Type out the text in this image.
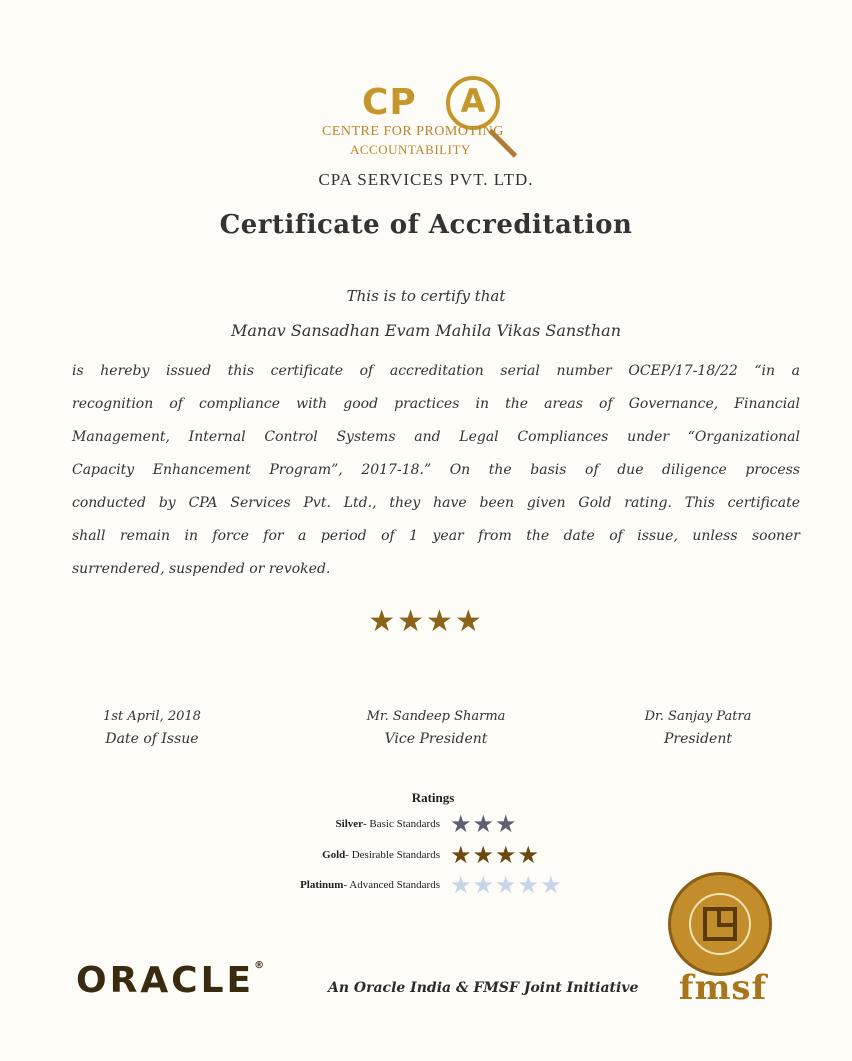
CP	A
CENTRE FOR PROMOTING
ACCOUNTABILITY
CPA SERVICES PVT. LTD.
Certificate of Accreditation
This is to certify that
Manav Sansadhan Evam Mahila Vikas Sansthan
is hereby issued this certificate of accreditation serial number OCEP/17-18/22 “in a
recognition of compliance with good practices in the areas of Governance, Financial
Management, Internal Control Systems and Legal Compliances under “Organizational
Capacity Enhancement Program”, 2017-18.” On the basis of due diligence process
conducted by CPA Services Pvt. Ltd., they have been given Gold rating. This certificate
shall remain in force for a period of 1 year from the date of issue, unless sooner
surrendered, suspended or revoked.
★★★★
1st April, 2018
Date of Issue
Mr. Sandeep Sharma
Vice President
Dr. Sanjay Patra
President
Ratings
Silver- Basic Standards ★★★
Gold- Desirable Standards ★★★★
Platinum- Advanced Standards ★★★★★
ORACLE®
An Oracle India & FMSF Joint Initiative	fmsf
